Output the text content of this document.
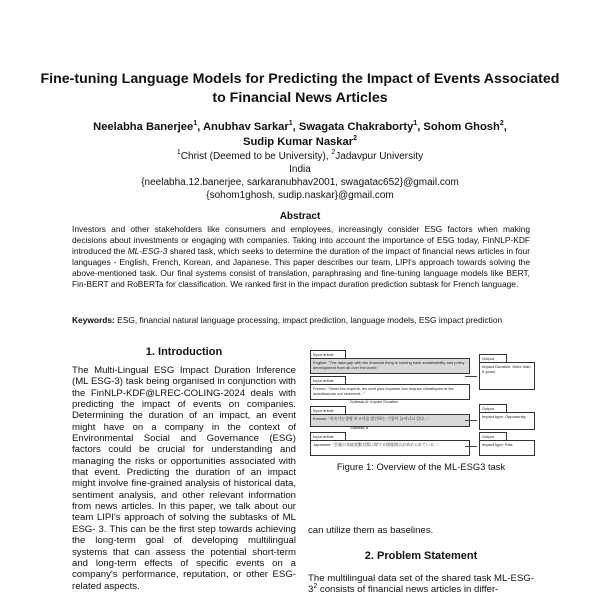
Fine-tuning Language Models for Predicting the Impact of Events Associated to Financial News Articles
Neelabha Banerjee$^1$, Anubhav Sarkar$^1$, Swagata Chakraborty$^1$, Sohom Ghosh$^2$,
Sudip Kumar Naskar$^2$
$^1$Christ (Deemed to be University), $^2$Jadavpur University
India
{neelabha.12.banerjee, sarkaranubhav2001, swagatac652}@gmail.com
{sohom1ghosh, sudip.naskar}@gmail.com
Abstract
Investors and other stakeholders like consumers and employees, increasingly consider ESG factors when making decisions about investments or engaging with companies. Taking into account the importance of ESG today, FinNLP-KDF introduced the ML-ESG-3 shared task, which seeks to determine the duration of the impact of financial news articles in four languages - English, French, Korean, and Japanese. This paper describes our team, LIPI's approach towards solving the above-mentioned task. Our final systems consist of translation, paraphrasing and fine-tuning language models like BERT, Fin-BERT and RoBERTa for classification. We ranked first in the impact duration prediction subtask for French language.
Keywords: ESG, financial natural language processing, impact prediction, language models, ESG impact prediction
1. Introduction
The Multi-Lingual ESG Impact Duration Inference (ML ESG-3) task being organised in conjunction with the FinNLP-KDF@LREC-COLING-2024 deals with predicting the impact of events on companies. Determining the duration of an impact, an event might have on a company in the context of Environmental Social and Governance (ESG) factors could be crucial for understanding and managing the risks or opportunities associated with that event. Predicting the duration of an impact might involve fine-grained analysis of historical data, sentiment analysis, and other relevant information from news articles. In this paper, we talk about our team LIPI's approach of solving the subtasks of ML ESG- 3. This can be the first step towards achieving the long-term goal of developing multilingual systems that can assess the potential short-term and long-term effects of specific events on a company's performance, reputation, or other ESG-related aspects.
Input article
English: "The data gap with the financial thing is holding back sustainability and policy development from all over the world."
Input article
French: "Selon les experts, les sont plus exposés aux risques climatiques et les investisseurs ont rarement..."
Subtask A: Impact Duration
Input article
Korean: "지속가능경영 보고서를 발간하는 기업이 늘어나고 있다..."
Subtask B
Input article
Japanese: "企業の気候変動対策に関する情報開示が求められている..."
Output
Impact Duration: More than 5 years
Output
Impact type: Opportunity
Output
Impact type: Risk
Figure 1: Overview of the ML-ESG3 task
can utilize them as baselines.
2. Problem Statement
The multilingual data set of the shared task $ML-ESG-3^2$ consists of financial news articles in differ-
